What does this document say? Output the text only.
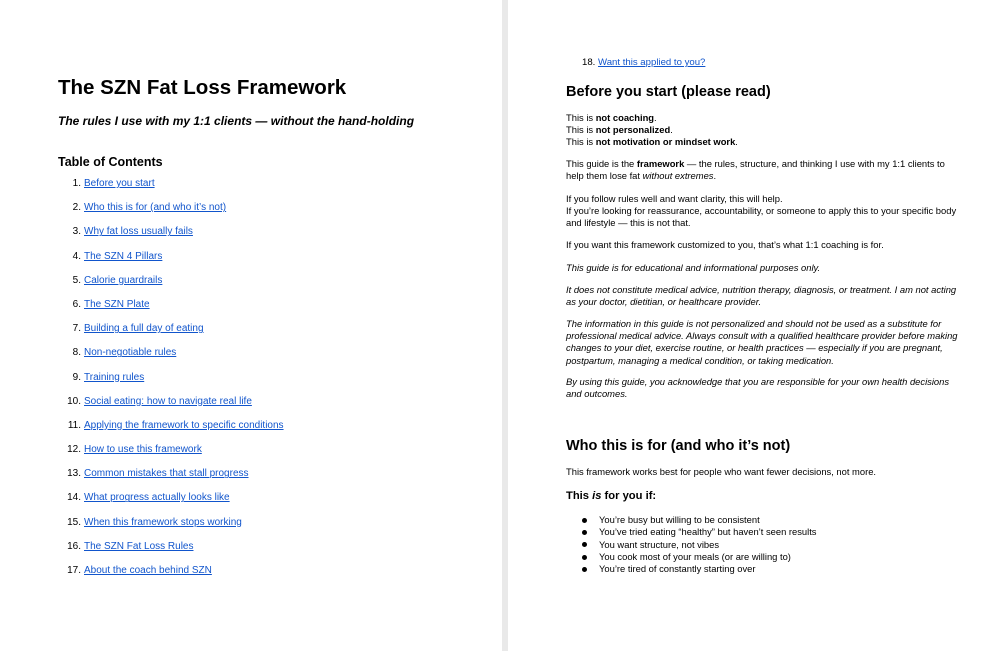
The SZN Fat Loss Framework

The rules I use with my 1:1 clients — without the hand-holding

Table of Contents
1. Before you start
2. Who this is for (and who it’s not)
3. Why fat loss usually fails
4. The SZN 4 Pillars
5. Calorie guardrails
6. The SZN Plate
7. Building a full day of eating
8. Non-negotiable rules
9. Training rules
10. Social eating: how to navigate real life
11. Applying the framework to specific conditions
12. How to use this framework
13. Common mistakes that stall progress
14. What progress actually looks like
15. When this framework stops working
16. The SZN Fat Loss Rules
17. About the coach behind SZN
18. Want this applied to you?
Before you start (please read)

This is not coaching.
This is not personalized.
This is not motivation or mindset work.

This guide is the framework — the rules, structure, and thinking I use with my 1:1 clients to help them lose fat without extremes.

If you follow rules well and want clarity, this will help.
If you’re looking for reassurance, accountability, or someone to apply this to your specific body and lifestyle — this is not that.

If you want this framework customized to you, that’s what 1:1 coaching is for.

This guide is for educational and informational purposes only.

It does not constitute medical advice, nutrition therapy, diagnosis, or treatment. I am not acting as your doctor, dietitian, or healthcare provider.

The information in this guide is not personalized and should not be used as a substitute for professional medical advice. Always consult with a qualified healthcare provider before making changes to your diet, exercise routine, or health practices — especially if you are pregnant, postpartum, managing a medical condition, or taking medication.

By using this guide, you acknowledge that you are responsible for your own health decisions and outcomes.

Who this is for (and who it’s not)

This framework works best for people who want fewer decisions, not more.

This is for you if:
You’re busy but willing to be consistent
You’ve tried eating “healthy” but haven’t seen results
You want structure, not vibes
You cook most of your meals (or are willing to)
You’re tired of constantly starting over
